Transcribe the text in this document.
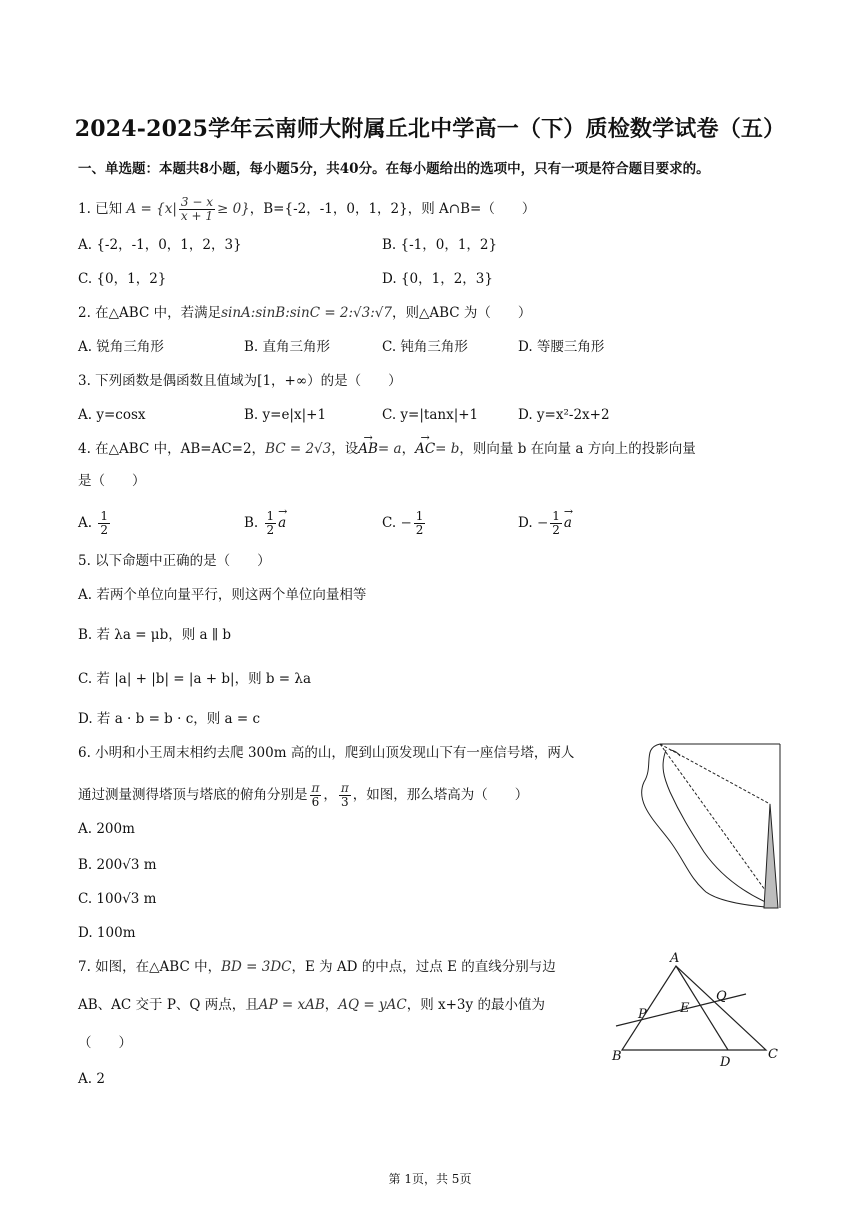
2024-2025学年云南师大附属丘北中学高一（下）质检数学试卷（五）
一、单选题：本题共8小题，每小题5分，共40分。在每小题给出的选项中，只有一项是符合题目要求的。
1. 已知 $A = \{x| \frac{3 - x}{x + 1} \ge 0\}$，B={-2，-1，0，1，2}，则 A∩B=（　　）
A. {-2，-1，0，1，2，3}	B. {-1，0，1，2}
C. {0，1，2}	D. {0，1，2，3}
2. 在△ABC 中，若满足sinA:sinB:sinC = 2:√3:√7，则△ABC 为（　　）
A. 锐角三角形	B. 直角三角形	C. 钝角三角形	D. 等腰三角形
3. 下列函数是偶函数且值域为[1，+∞）的是（　　）
A. y=cosx	B. y=e|x|+1	C. y=|tanx|+1	D. y=x²-2x+2
4. 在△ABC 中，AB=AC=2，BC = 2√3，设→ AB= a，→ AC= b，则向量 b 在向量 a 方向上的投影向量
是（　　）
A. $\frac{1}{2}$	B. $\frac{1}{2}$
→ a	C. − $\frac{1}{2}$	D. − $\frac{1}{2}$
→ a
5. 以下命题中正确的是（　　）
A. 若两个单位向量平行，则这两个单位向量相等
B. 若 λa = μb，则 a ∥ b
C. 若 |a| + |b| = |a + b|，则 b = λa
D. 若 a · b = b · c，则 a = c
6. 小明和小王周末相约去爬 300m 高的山，爬到山顶发现山下有一座信号塔，两人
通过测量测得塔顶与塔底的俯角分别是 $\frac{\pi}{6}$ ， $\frac{\pi}{3}$ ，如图，那么塔高为（　　）
A. 200m
B. 200√3 m
C. 100√3 m
D. 100m
7. 如图，在△ABC 中，BD = 3DC，E 为 AD 的中点，过点 E 的直线分别与边
AB、AC 交于 P、Q 两点，且AP = xAB，AQ = yAC，则 x+3y 的最小值为
（　　）
A. 2
A
B	C
D
E
P
Q
第 1页，共 5页
